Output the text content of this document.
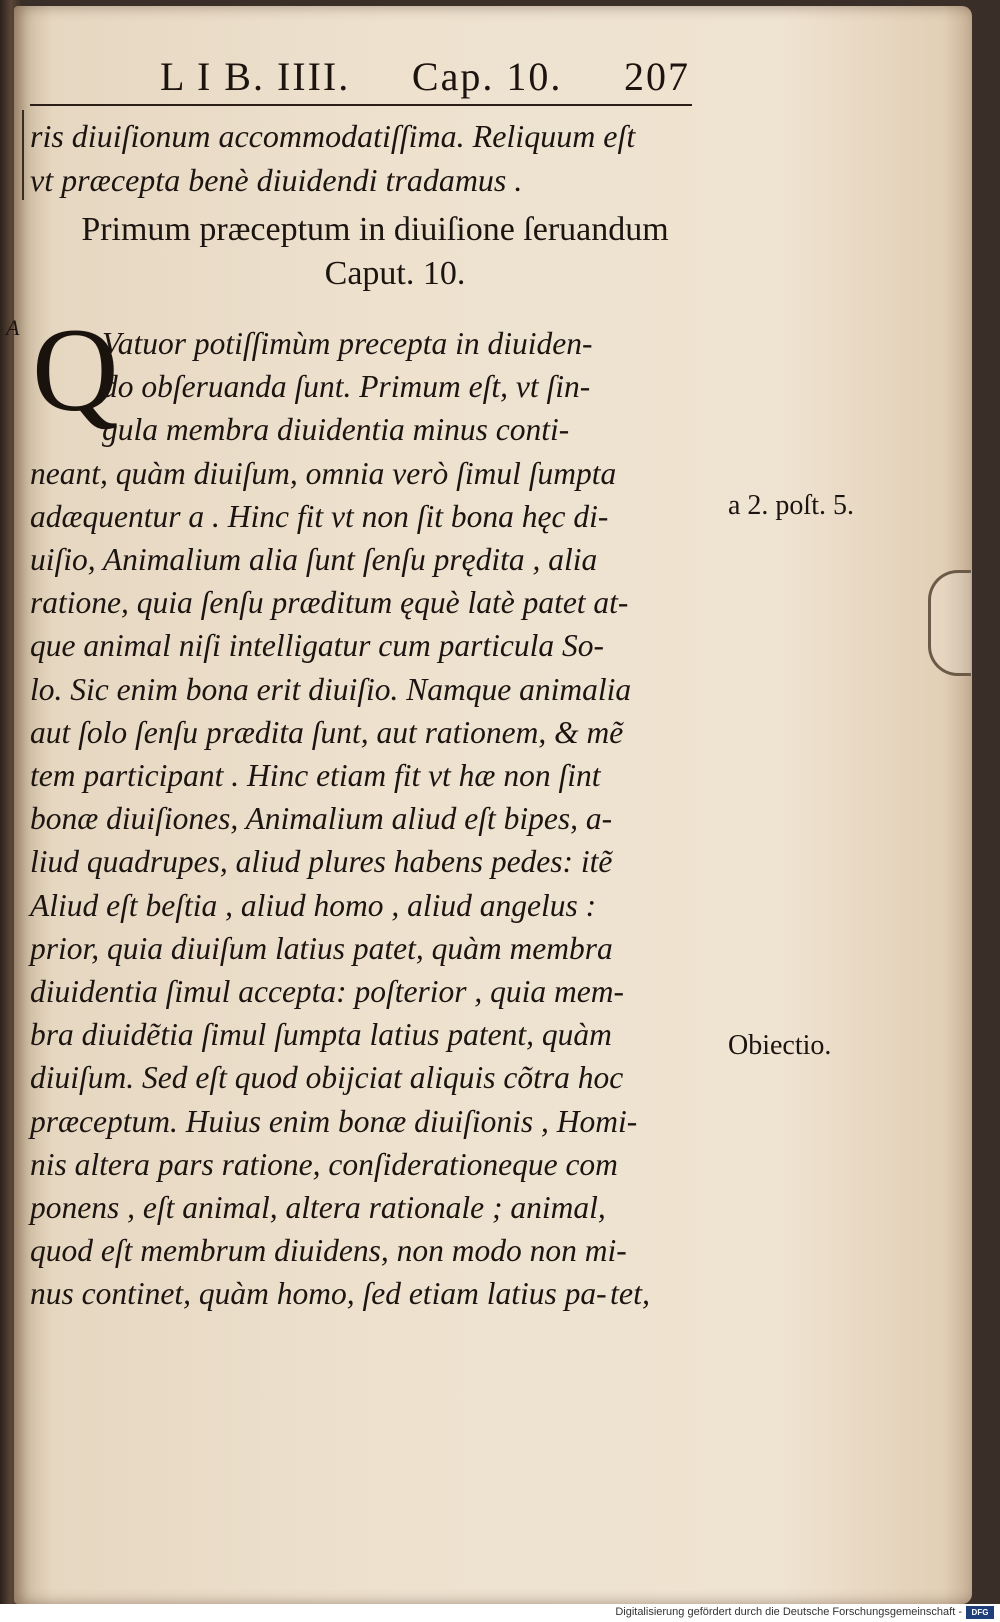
L I B. IIII. Cap. 10. 207
ris diuiſionum accommodatiſſima. Reliquum eſt
vt præcepta benè diuidendi tradamus .
Primum præceptum in diuiſione ſeruandum
Caput. 10.
A Q
Vatuor potiſſimùm precepta in diuiden-
do obſeruanda ſunt. Primum eſt, vt ſin-
gula membra diuidentia minus conti-
neant, quàm diuiſum, omnia verò ſimul ſumpta
adæquentur a . Hinc fit vt non ſit bona hęc di-
uiſio, Animalium alia ſunt ſenſu prędita , alia
ratione, quia ſenſu præditum ęquè latè patet at-
que animal niſi intelligatur cum particula So-
lo. Sic enim bona erit diuiſio. Namque animalia
aut ſolo ſenſu prædita ſunt, aut rationem, & mẽ
tem participant . Hinc etiam fit vt hæ non ſint
bonæ diuiſiones, Animalium aliud eſt bipes, a-
liud quadrupes, aliud plures habens pedes: itẽ
Aliud eſt beſtia , aliud homo , aliud angelus :
prior, quia diuiſum latius patet, quàm membra
diuidentia ſimul accepta: poſterior , quia mem-
bra diuidẽtia ſimul ſumpta latius patent, quàm
diuiſum. Sed eſt quod obijciat aliquis cõtra hoc
præceptum. Huius enim bonæ diuiſionis , Homi-
nis altera pars ratione, conſiderationeque com
ponens , eſt animal, altera rationale ; animal,
quod eſt membrum diuidens, non modo non mi-
nus continet, quàm homo, ſed etiam latius pa- tet,
a 2. poſt. 5.
Obiectio.
Digitalisierung gefördert durch die Deutsche Forschungsgemeinschaft -	DFG
